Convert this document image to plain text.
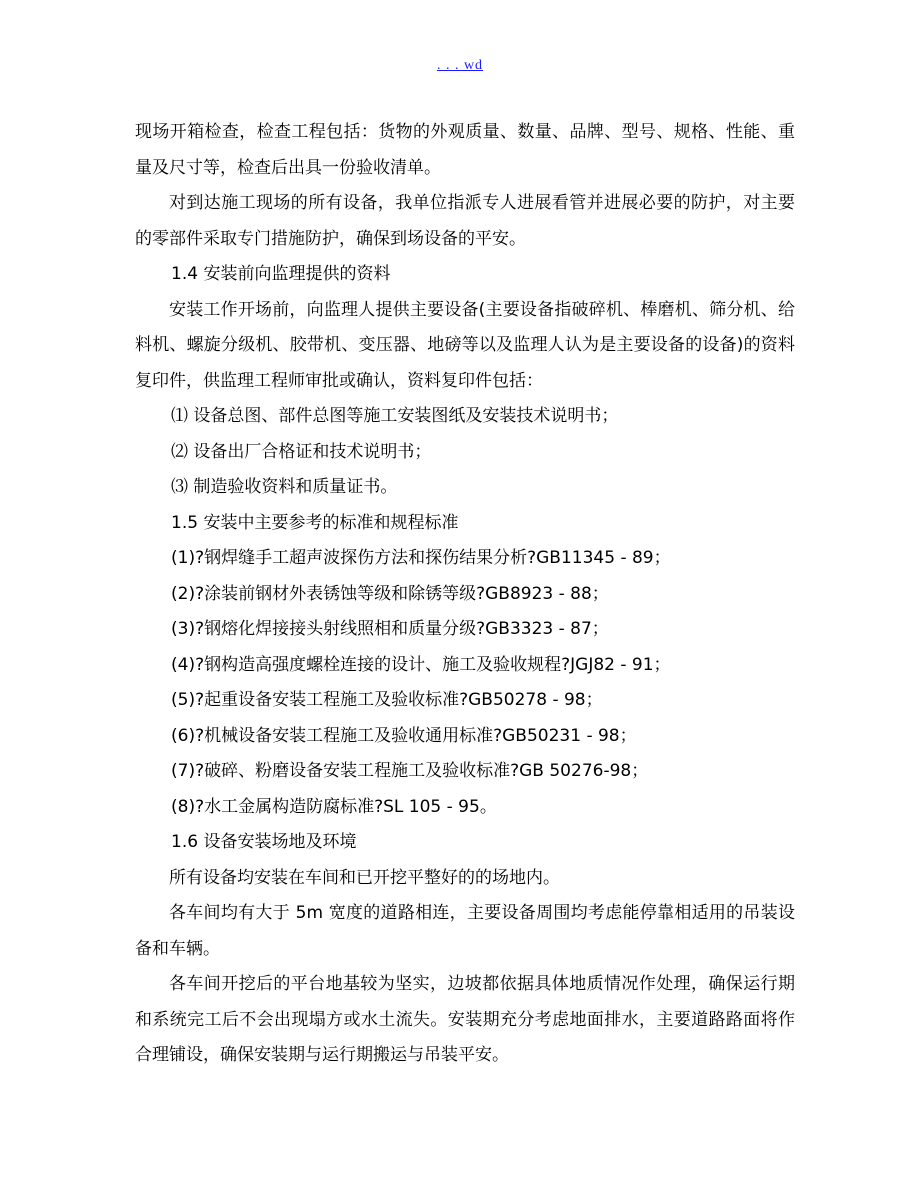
. . . wd

现场开箱检查，检查工程包括：货物的外观质量、数量、品牌、型号、规格、性能、重量及尺寸等，检查后出具一份验收清单。

对到达施工现场的所有设备，我单位指派专人进展看管并进展必要的防护，对主要的零部件采取专门措施防护，确保到场设备的平安。

1.4 安装前向监理提供的资料

安装工作开场前，向监理人提供主要设备(主要设备指破碎机、棒磨机、筛分机、给料机、螺旋分级机、胶带机、变压器、地磅等以及监理人认为是主要设备的设备)的资料复印件，供监理工程师审批或确认，资料复印件包括：

⑴ 设备总图、部件总图等施工安装图纸及安装技术说明书；

⑵ 设备出厂合格证和技术说明书；

⑶ 制造验收资料和质量证书。

1.5 安装中主要参考的标准和规程标准

(1)?钢焊缝手工超声波探伤方法和探伤结果分析?GB11345 - 89；

(2)?涂装前钢材外表锈蚀等级和除锈等级?GB8923 - 88；

(3)?钢熔化焊接接头射线照相和质量分级?GB3323 - 87；

(4)?钢构造高强度螺栓连接的设计、施工及验收规程?JGJ82 - 91；

(5)?起重设备安装工程施工及验收标准?GB50278 - 98；

(6)?机械设备安装工程施工及验收通用标准?GB50231 - 98；

(7)?破碎、粉磨设备安装工程施工及验收标准?GB 50276-98；

(8)?水工金属构造防腐标准?SL 105 - 95。

1.6 设备安装场地及环境

所有设备均安装在车间和已开挖平整好的的场地内。

各车间均有大于 5m 宽度的道路相连，主要设备周围均考虑能停靠相适用的吊装设备和车辆。

各车间开挖后的平台地基较为坚实，边坡都依据具体地质情况作处理，确保运行期和系统完工后不会出现塌方或水土流失。安装期充分考虑地面排水，主要道路路面将作合理铺设，确保安装期与运行期搬运与吊装平安。
